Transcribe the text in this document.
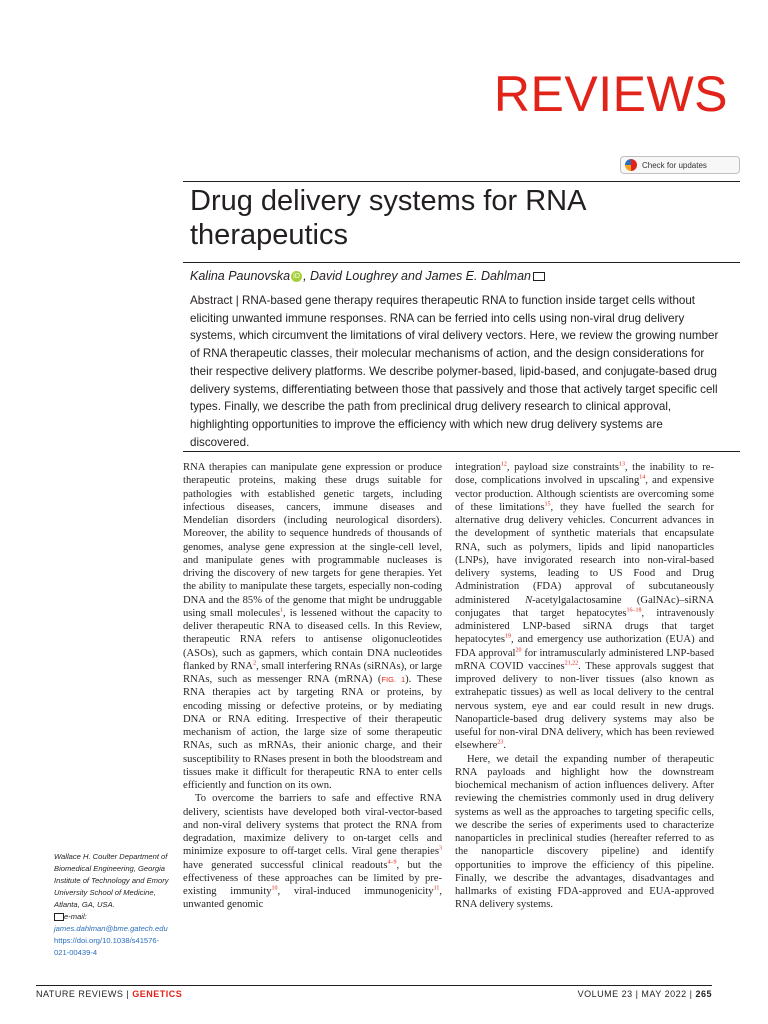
REVIEWS
Check for updates
Drug delivery systems for RNA therapeutics
Kalina Paunovska iD , David Loughrey and James E. Dahlman
Abstract | RNA-based gene therapy requires therapeutic RNA to function inside target cells without eliciting unwanted immune responses. RNA can be ferried into cells using non-viral drug delivery systems, which circumvent the limitations of viral delivery vectors. Here, we review the growing number of RNA therapeutic classes, their molecular mechanisms of action, and the design considerations for their respective delivery platforms. We describe polymer-based, lipid-based, and conjugate-based drug delivery systems, differentiating between those that passively and those that actively target specific cell types. Finally, we describe the path from preclinical drug delivery research to clinical approval, highlighting opportunities to improve the efficiency with which new drug delivery systems are discovered.

RNA therapies can manipulate gene expression or produce therapeutic proteins, making these drugs suitable for pathologies with established genetic targets, including infectious diseases, cancers, immune diseases and Mendelian disorders (including neurological disorders). Moreover, the ability to sequence hundreds of thousands of genomes, analyse gene expression at the single-cell level, and manipulate genes with programmable nucleases is driving the discovery of new targets for gene therapies. Yet the ability to manipulate these targets, especially non-coding DNA and the 85% of the genome that might be undruggable using small molecules$^1$, is lessened without the capacity to deliver therapeutic RNA to diseased cells. In this Review, therapeutic RNA refers to antisense oligonucleotides (ASOs), such as gapmers, which contain DNA nucleotides flanked by RNA$^2$, small interfering RNAs (siRNAs), or large RNAs, such as messenger RNA (mRNA) (FIG. 1). These RNA therapies act by targeting RNA or proteins, by encoding missing or defective proteins, or by mediating DNA or RNA editing. Irrespective of their therapeutic mechanism of action, the large size of some therapeutic RNAs, such as mRNAs, their anionic charge, and their susceptibility to RNases present in both the bloodstream and tissues make it difficult for therapeutic RNA to enter cells efficiently and function on its own.

To overcome the barriers to safe and effective RNA delivery, scientists have developed both viral-vector-based and non-viral delivery systems that protect the RNA from degradation, maximize delivery to on-target cells and minimize exposure to off-target cells. Viral gene therapies$^3$ have generated successful clinical readouts$^{4-9}$, but the effectiveness of these approaches can be limited by pre-existing immunity$^{10}$, viral-induced immunogenicity$^{11}$, unwanted genomic

integration$^{12}$, payload size constraints$^{13}$, the inability to re-dose, complications involved in upscaling$^{14}$, and expensive vector production. Although scientists are overcoming some of these limitations$^{15}$, they have fuelled the search for alternative drug delivery vehicles. Concurrent advances in the development of synthetic materials that encapsulate RNA, such as polymers, lipids and lipid nanoparticles (LNPs), have invigorated research into non-viral-based delivery systems, leading to US Food and Drug Administration (FDA) approval of subcutaneously administered N-acetylgalactosamine (GalNAc)–siRNA conjugates that target hepatocytes$^{16-18}$, intravenously administered LNP-based siRNA drugs that target hepatocytes$^{19}$, and emergency use authorization (EUA) and FDA approval$^{20}$ for intramuscularly administered LNP-based mRNA COVID vaccines$^{21,22}$. These approvals suggest that improved delivery to non-liver tissues (also known as extrahepatic tissues) as well as local delivery to the central nervous system, eye and ear could result in new drugs. Nanoparticle-based drug delivery systems may also be useful for non-viral DNA delivery, which has been reviewed elsewhere$^{23}$.

Here, we detail the expanding number of therapeutic RNA payloads and highlight how the downstream biochemical mechanism of action influences delivery. After reviewing the chemistries commonly used in drug delivery systems as well as the approaches to targeting specific cells, we describe the series of experiments used to characterize nanoparticles in preclinical studies (hereafter referred to as the nanoparticle discovery pipeline) and identify opportunities to improve the efficiency of this pipeline. Finally, we describe the advantages, disadvantages and hallmarks of existing FDA-approved and EUA-approved RNA delivery systems.

Wallace H. Coulter Department of Biomedical Engineering, Georgia Institute of Technology and Emory University School of Medicine, Atlanta, GA, USA.
e-mail: james.dahlman@bme.gatech.edu
https://doi.org/10.1038/s41576-021-00439-4
NATURE REVIEWS | GENETICS	VOLUME 23 | MAY 2022 | 265
